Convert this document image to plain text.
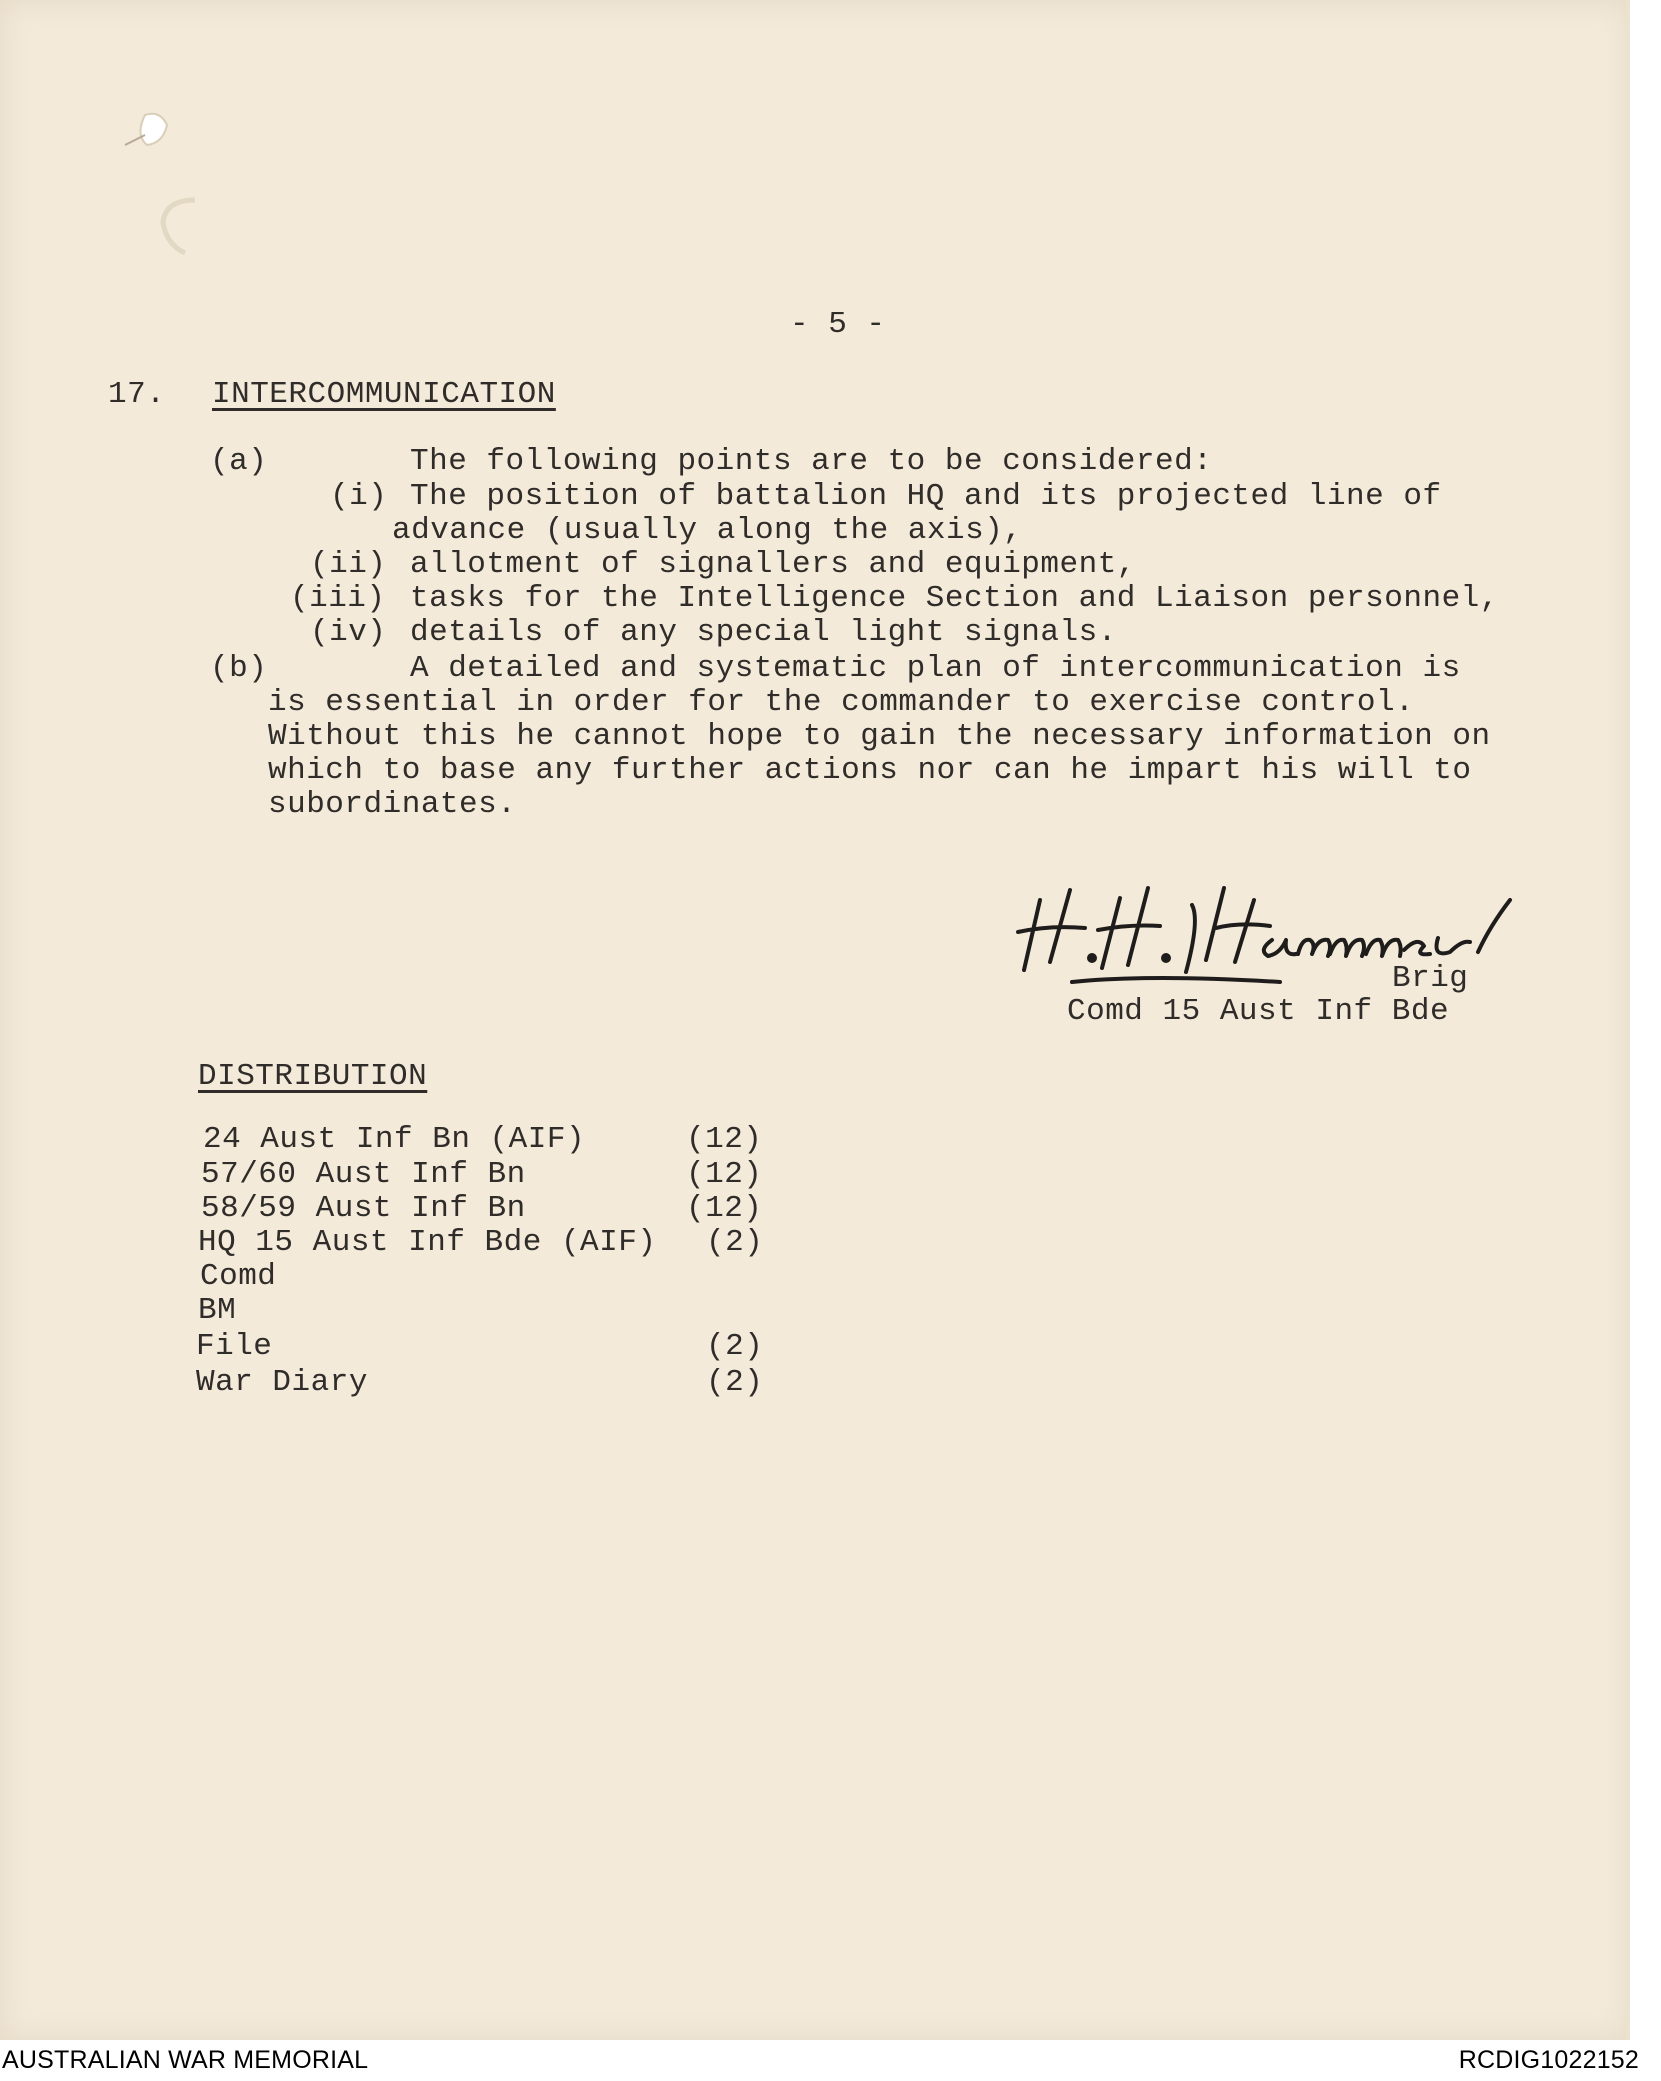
- 5 -
17. INTERCOMMUNICATION
(a)	The following points are to be considered:
(i) The position of battalion HQ and its projected line of
advance (usually along the axis),
(ii) allotment of signallers and equipment,
(iii) tasks for the Intelligence Section and Liaison personnel,
(iv) details of any special light signals.
(b)	A detailed and systematic plan of intercommunication is
is essential in order for the commander to exercise control.
Without this he cannot hope to gain the necessary information on
which to base any further actions nor can he impart his will to
subordinates.
Brig
Comd 15 Aust Inf Bde
DISTRIBUTION
24 Aust Inf Bn (AIF)	(12)
57/60 Aust Inf Bn	(12)
58/59 Aust Inf Bn	(12)
HQ 15 Aust Inf Bde (AIF) (2)
Comd
BM
File	(2)
War Diary	(2)
AUSTRALIAN WAR MEMORIAL	RCDIG1022152
